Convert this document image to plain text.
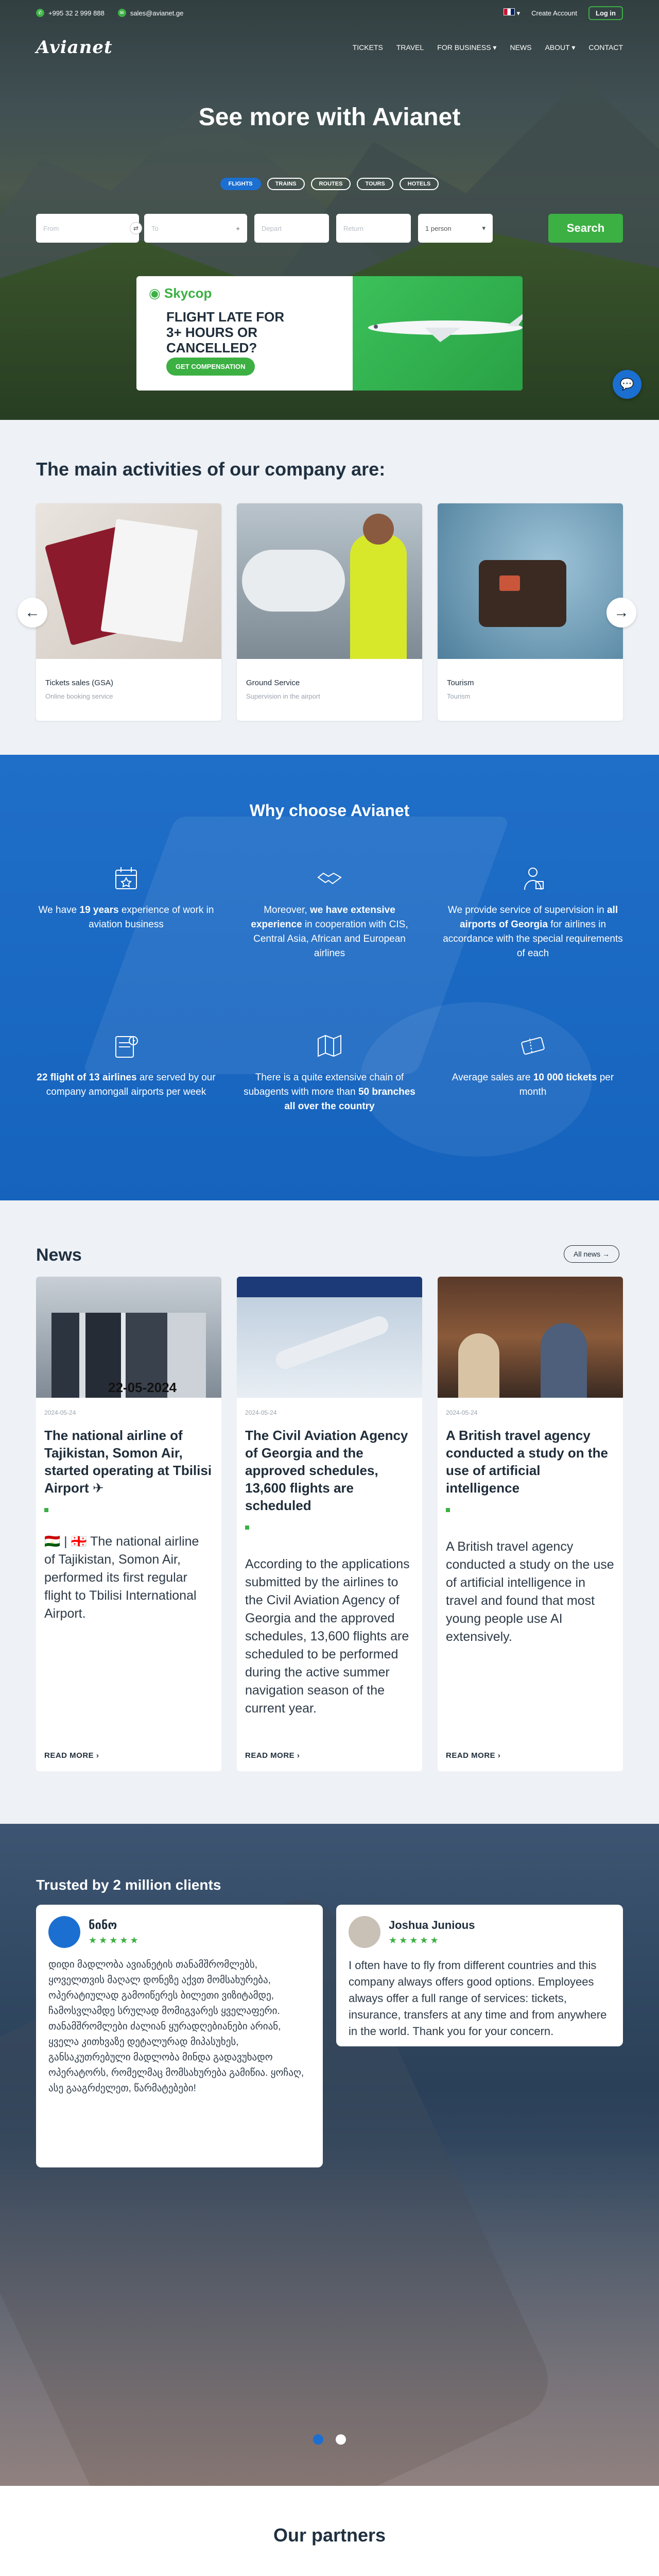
✆ +995 32 2 999 888	✉ sales@avianet.ge	▾ Create Account	Log in
Avianet	TICKETS TRAVEL FOR BUSINESS ▾ NEWS ABOUT ▾ CONTACT
See more with Avianet
FLIGHTS	TRAINS	ROUTES	TOURS	HOTELS
From	⇄	To	+	Depart	Return	1 person	▾	Search
◉ Skycop
FLIGHT LATE FOR 3+ HOURS OR CANCELLED?
GET COMPENSATION
💬
The main activities of our company are:
Tickets sales (GSA)
Online booking service
Ground Service
Supervision in the airport
Tourism
Tourism
←	→
Why choose Avianet
We have 19 years experience of work in aviation business
Moreover, we have extensive experience in cooperation with CIS, Central Asia, African and European airlines
We provide service of supervision in all airports of Georgia for airlines in accordance with the special requirements of each
22 flight of 13 airlines are served by our company amongall airports per week
There is a quite extensive chain of subagents with more than 50 branches all over the country
Average sales are 10 000 tickets per month
News	All news →
22-05-2024
2024-05-24
The national airline of Tajikistan, Somon Air, started operating at Tbilisi Airport ✈
🇹🇯 | 🇬🇪 The national airline of Tajikistan, Somon Air, performed its first regular flight to Tbilisi International Airport.
READ MORE ›
2024-05-24
The Civil Aviation Agency of Georgia and the approved schedules, 13,600 flights are scheduled
According to the applications submitted by the airlines to the Civil Aviation Agency of Georgia and the approved schedules, 13,600 flights are scheduled to be performed during the active summer navigation season of the current year.
READ MORE ›
2024-05-24
A British travel agency conducted a study on the use of artificial intelligence
A British travel agency conducted a study on the use of artificial intelligence in travel and found that most young people use AI extensively.
READ MORE ›
Trusted by 2 million clients
ნინო
★★★★★
დიდი მადლობა ავიანეტის თანამშრომლებს, ყოველთვის მაღალ დონეზე აქვთ მომსახურება, ოპერატიულად გამოიწერეს ბილეთი ვიზიტამდე, ჩამოსვლამდე სრულად მომიგვარეს ყველაფერი. თანამშრომლები ძალიან ყურადღებიანები არიან, ყველა კითხვაზე დეტალურად მიპასუხეს, განსაკუთრებული მადლობა მინდა გადავუხადო ოპერატორს, რომელმაც მომსახურება გამიწია. ყოჩაღ, ასე გააგრძელეთ, წარმატებები!
Joshua Junious
★★★★★
I often have to fly from different countries and this company always offers good options. Employees always offer a full range of services: tickets, insurance, transfers at any time and from anywhere in the world. Thank you for your concern.
Our partners
